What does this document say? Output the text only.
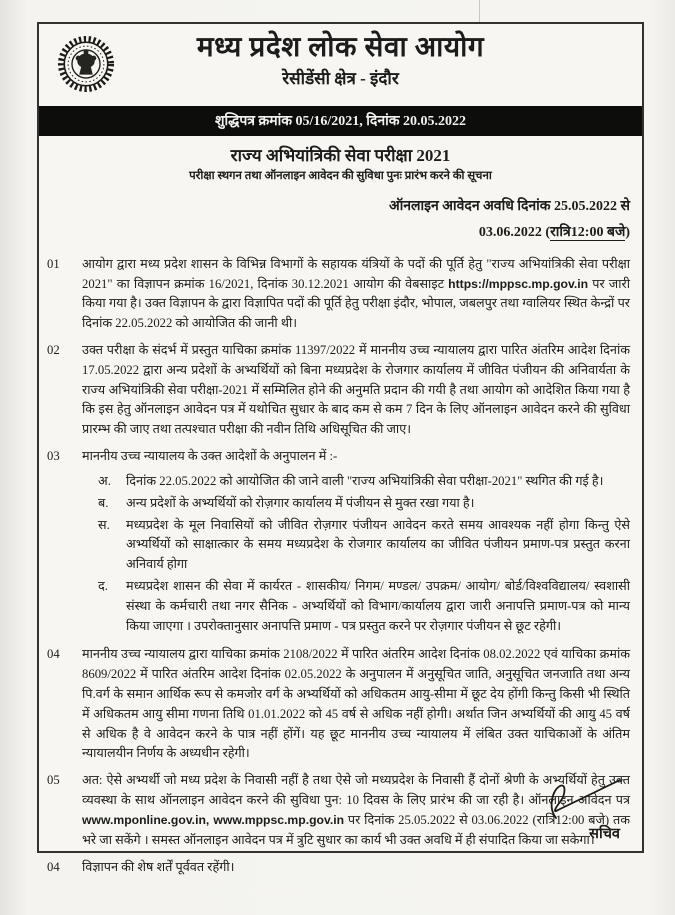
मध्य प्रदेश लोक सेवा आयोग
रेसीडेंसी क्षेत्र - इंदौर
शुद्धिपत्र क्रमांक 05/16/2021, दिनांक 20.05.2022
राज्य अभियांत्रिकी सेवा परीक्षा 2021
परीक्षा स्थगन तथा ऑनलाइन आवेदन की सुविधा पुनः प्रारंभ करने की सूचना
ऑनलाइन आवेदन अवधि दिनांक 25.05.2022 से
03.06.2022 (रात्रि12:00 बजे)
01	आयोग द्वारा मध्य प्रदेश शासन के विभिन्न विभागों के सहायक यंत्रियों के पदों की पूर्ति हेतु "राज्य अभियांत्रिकी सेवा परीक्षा 2021" का विज्ञापन क्रमांक 16/2021, दिनांक 30.12.2021 आयोग की वेबसाइट https://mppsc.mp.gov.in पर जारी किया गया है। उक्त विज्ञापन के द्वारा विज्ञापित पदों की पूर्ति हेतु परीक्षा इंदौर, भोपाल, जबलपुर तथा ग्वालियर स्थित केन्द्रों पर दिनांक 22.05.2022 को आयोजित की जानी थी।
02	उक्त परीक्षा के संदर्भ में प्रस्तुत याचिका क्रमांक 11397/2022 में माननीय उच्च न्यायालय द्वारा पारित अंतरिम आदेश दिनांक 17.05.2022 द्वारा अन्य प्रदेशों के अभ्यर्थियों को बिना मध्यप्रदेश के रोजगार कार्यालय में जीवित पंजीयन की अनिवार्यता के राज्य अभियांत्रिकी सेवा परीक्षा-2021 में सम्मिलित होने की अनुमति प्रदान की गयी है तथा आयोग को आदेशित किया गया है कि इस हेतु ऑनलाइन आवेदन पत्र में यथोचित सुधार के बाद कम से कम 7 दिन के लिए ऑनलाइन आवेदन करने की सुविधा प्रारम्भ की जाए तथा तत्पश्चात परीक्षा की नवीन तिथि अधिसूचित की जाए।
03	माननीय उच्च न्यायालय के उक्त आदेशों के अनुपालन में :-
अ.	दिनांक 22.05.2022 को आयोजित की जाने वाली "राज्य अभियांत्रिकी सेवा परीक्षा-2021" स्थगित की गई है।
ब.	अन्य प्रदेशों के अभ्यर्थियों को रोज़गार कार्यालय में पंजीयन से मुक्त रखा गया है।
स.	मध्यप्रदेश के मूल निवासियों को जीवित रोज़गार पंजीयन आवेदन करते समय आवश्यक नहीं होगा किन्तु ऐसे अभ्यर्थियों को साक्षात्कार के समय मध्यप्रदेश के रोजगार कार्यालय का जीवित पंजीयन प्रमाण-पत्र प्रस्तुत करना अनिवार्य होगा
द.	मध्यप्रदेश शासन की सेवा में कार्यरत - शासकीय/ निगम/ मण्डल/ उपक्रम/ आयोग/ बोर्ड/विश्वविद्यालय/ स्वशासी संस्था के कर्मचारी तथा नगर सैनिक - अभ्यर्थियों को विभाग/कार्यालय द्वारा जारी अनापत्ति प्रमाण-पत्र को मान्य किया जाएगा । उपरोक्तानुसार अनापत्ति प्रमाण - पत्र प्रस्तुत करने पर रोज़गार पंजीयन से छूट रहेगी।
04	माननीय उच्च न्यायालय द्वारा याचिका क्रमांक 2108/2022 में पारित अंतरिम आदेश दिनांक 08.02.2022 एवं याचिका क्रमांक 8609/2022 में पारित अंतरिम आदेश दिनांक 02.05.2022 के अनुपालन में अनुसूचित जाति, अनुसूचित जनजाति तथा अन्य पि.वर्ग के समान आर्थिक रूप से कमजोर वर्ग के अभ्यर्थियों को अधिकतम आयु-सीमा में छूट देय होंगी किन्तु किसी भी स्थिति में अधिकतम आयु सीमा गणना तिथि 01.01.2022 को 45 वर्ष से अधिक नहीं होगी। अर्थात जिन अभ्यर्थियों की आयु 45 वर्ष से अधिक है वे आवेदन करने के पात्र नहीं होंगें। यह छूट माननीय उच्च न्यायालय में लंबित उक्त याचिकाओं के अंतिम न्यायालयीन निर्णय के अध्यधीन रहेगी।
05	अत: ऐसे अभ्यर्थी जो मध्य प्रदेश के निवासी नहीं है तथा ऐसे जो मध्यप्रदेश के निवासी हैं दोनों श्रेणी के अभ्यर्थियों हेतु उक्त व्यवस्था के साथ ऑनलाइन आवेदन करने की सुविधा पुन: 10 दिवस के लिए प्रारंभ की जा रही है। ऑनलाइन आवेदन पत्र www.mponline.gov.in, www.mppsc.mp.gov.in पर दिनांक 25.05.2022 से 03.06.2022 (रात्रि12:00 बजे) तक भरे जा सकेंगे । समस्त ऑनलाइन आवेदन पत्र में त्रुटि सुधार का कार्य भी उक्त अवधि में ही संपादित किया जा सकेगा।
04	विज्ञापन की शेष शर्तें पूर्ववत रहेंगी।
सचिव
